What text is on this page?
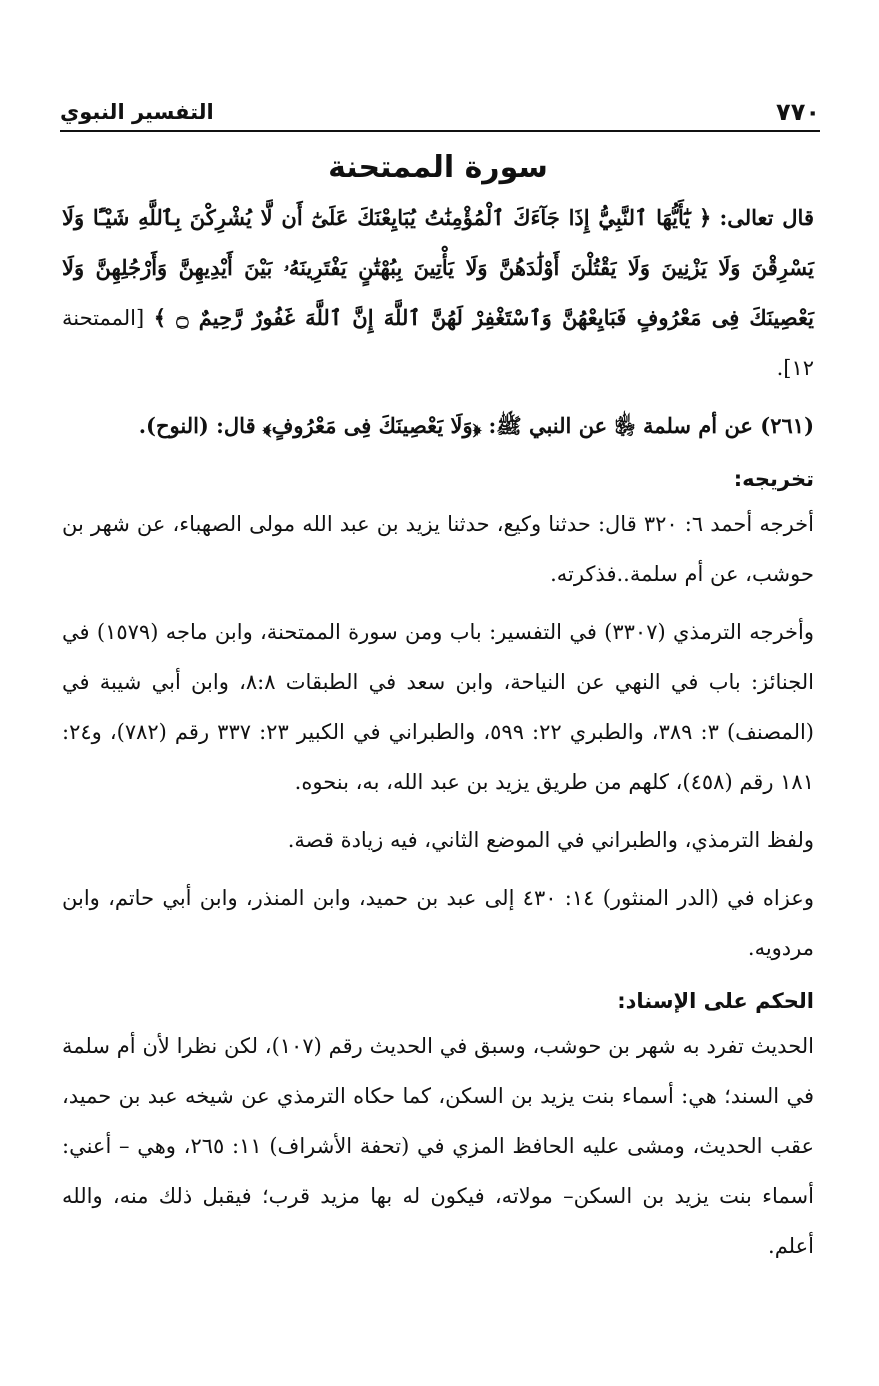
٧٧٠
التفسير النبوي
سورة الممتحنة

قال تعالى: ﴿ يَٰٓأَيُّهَا ٱلنَّبِيُّ إِذَا جَآءَكَ ٱلْمُؤْمِنَٰتُ يُبَايِعْنَكَ عَلَىٰٓ أَن لَّا يُشْرِكْنَ بِٱللَّهِ شَيْـًٔا وَلَا يَسْرِقْنَ وَلَا يَزْنِينَ وَلَا يَقْتُلْنَ أَوْلَٰدَهُنَّ وَلَا يَأْتِينَ بِبُهْتَٰنٍ يَفْتَرِينَهُۥ بَيْنَ أَيْدِيهِنَّ وَأَرْجُلِهِنَّ وَلَا يَعْصِينَكَ فِى مَعْرُوفٍ فَبَايِعْهُنَّ وَٱسْتَغْفِرْ لَهُنَّ ٱللَّهَ إِنَّ ٱللَّهَ غَفُورٌ رَّحِيمٌ ۝ ﴾ [الممتحنة ١٢].

(٢٦١) عن أم سلمة ﵂ عن النبي ﷺ: ﴿وَلَا يَعْصِينَكَ فِى مَعْرُوفٍ﴾ قال: (النوح).

تخريجه:

أخرجه أحمد ٦: ٣٢٠ قال: حدثنا وكيع، حدثنا يزيد بن عبد الله مولى الصهباء، عن شهر بن حوشب، عن أم سلمة..فذكرته.

وأخرجه الترمذي (٣٣٠٧) في التفسير: باب ومن سورة الممتحنة، وابن ماجه (١٥٧٩) في الجنائز: باب في النهي عن النياحة، وابن سعد في الطبقات ٨:٨، وابن أبي شيبة في (المصنف) ٣: ٣٨٩، والطبري ٢٢: ٥٩٩، والطبراني في الكبير ٢٣: ٣٣٧ رقم (٧٨٢)، و٢٤: ١٨١ رقم (٤٥٨)، كلهم من طريق يزيد بن عبد الله، به، بنحوه.

ولفظ الترمذي، والطبراني في الموضع الثاني، فيه زيادة قصة.

وعزاه في (الدر المنثور) ١٤: ٤٣٠ إلى عبد بن حميد، وابن المنذر، وابن أبي حاتم، وابن مردويه.

الحكم على الإسناد:

الحديث تفرد به شهر بن حوشب، وسبق في الحديث رقم (١٠٧)، لكن نظرا لأن أم سلمة في السند؛ هي: أسماء بنت يزيد بن السكن، كما حكاه الترمذي عن شيخه عبد بن حميد، عقب الحديث، ومشى عليه الحافظ المزي في (تحفة الأشراف) ١١: ٢٦٥، وهي – أعني: أسماء بنت يزيد بن السكن– مولاته، فيكون له بها مزيد قرب؛ فيقبل ذلك منه، والله أعلم.
